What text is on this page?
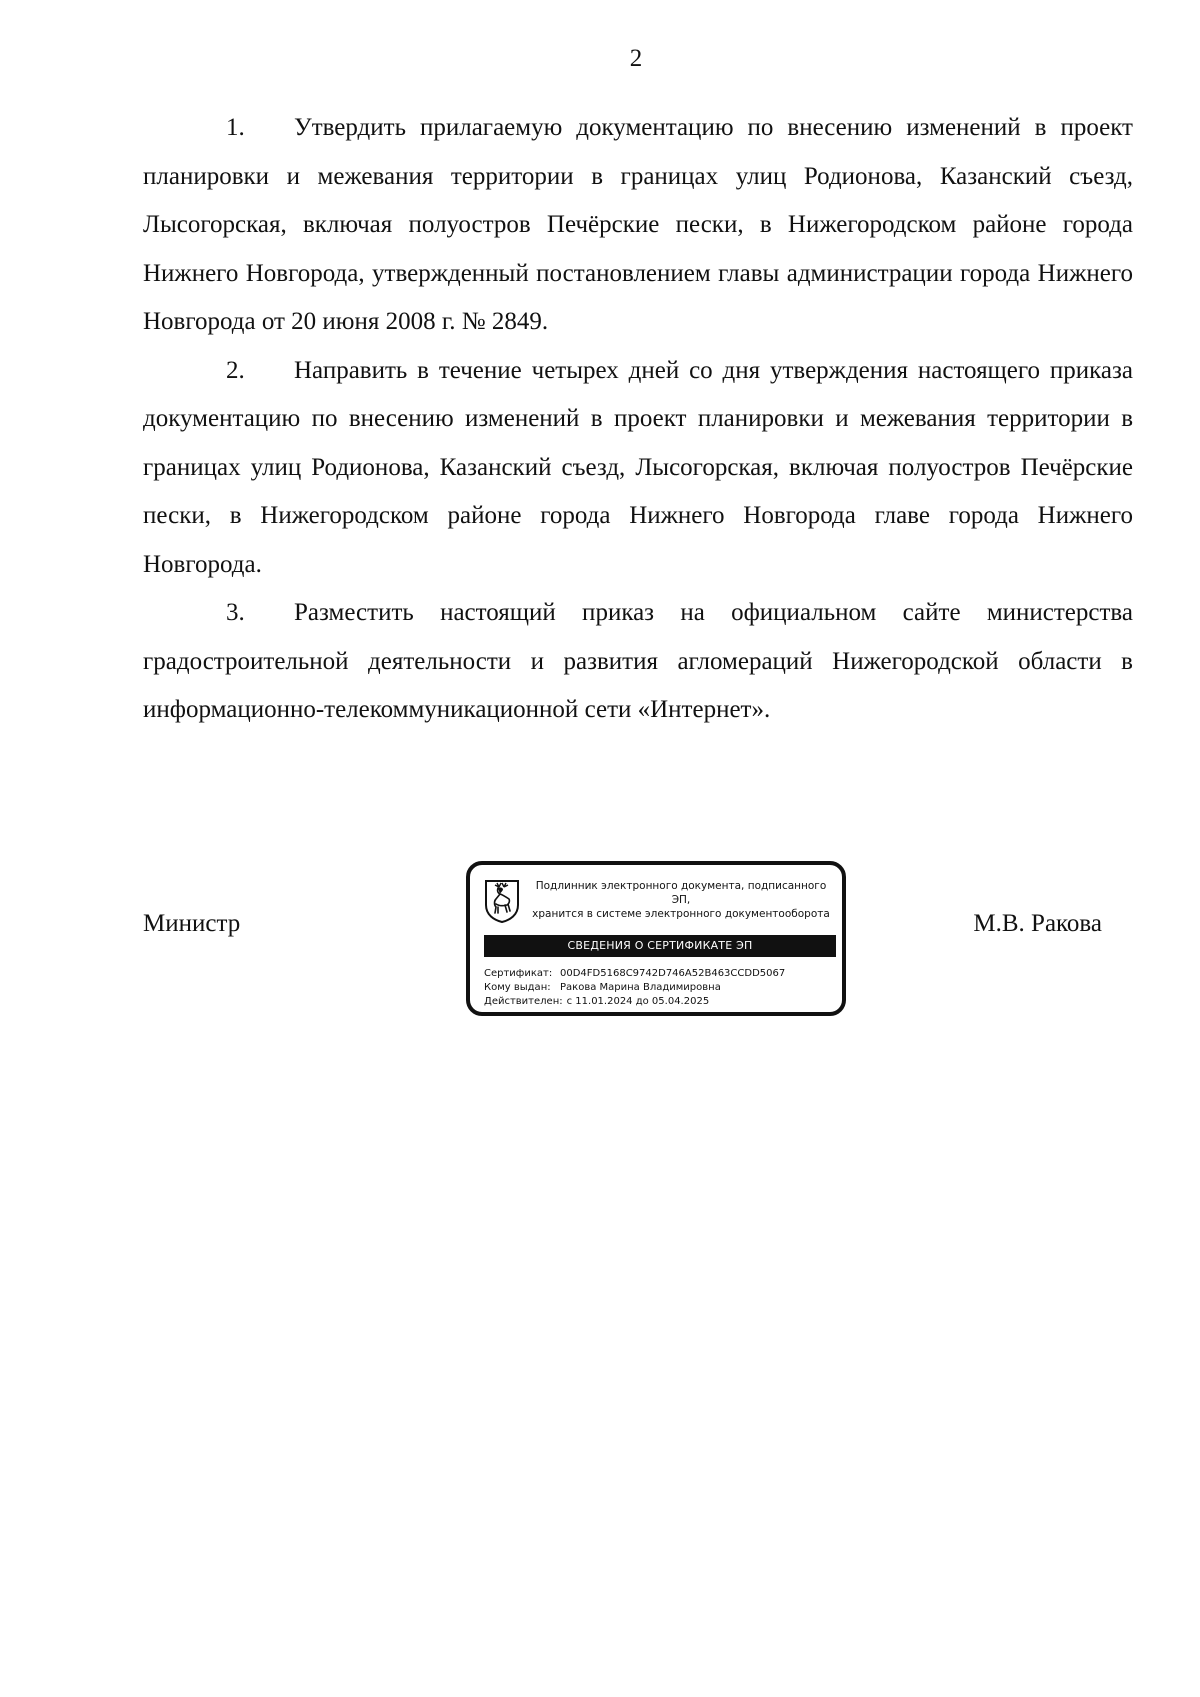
2

1. Утвердить прилагаемую документацию по внесению изменений в проект планировки и межевания территории в границах улиц Родионова, Казанский съезд, Лысогорская, включая полуостров Печёрские пески, в Нижегородском районе города Нижнего Новгорода, утвержденный постановлением главы администрации города Нижнего Новгорода от 20 июня 2008 г. № 2849.

2. Направить в течение четырех дней со дня утверждения настоящего приказа документацию по внесению изменений в проект планировки и межевания территории в границах улиц Родионова, Казанский съезд, Лысогорская, включая полуостров Печёрские пески, в Нижегородском районе города Нижнего Новгорода главе города Нижнего Новгорода.

3. Разместить настоящий приказ на официальном сайте министерства градостроительной деятельности и развития агломераций Нижегородской области в информационно-телекоммуникационной сети «Интернет».

Министр	М.В. Ракова
Подлинник электронного документа, подписанного ЭП,
хранится в системе электронного документооборота
СВЕДЕНИЯ О СЕРТИФИКАТЕ ЭП
Сертификат: 00D4FD5168C9742D746A52B463CCDD5067
Кому выдан: Ракова Марина Владимировна
Действителен: с 11.01.2024 до 05.04.2025
